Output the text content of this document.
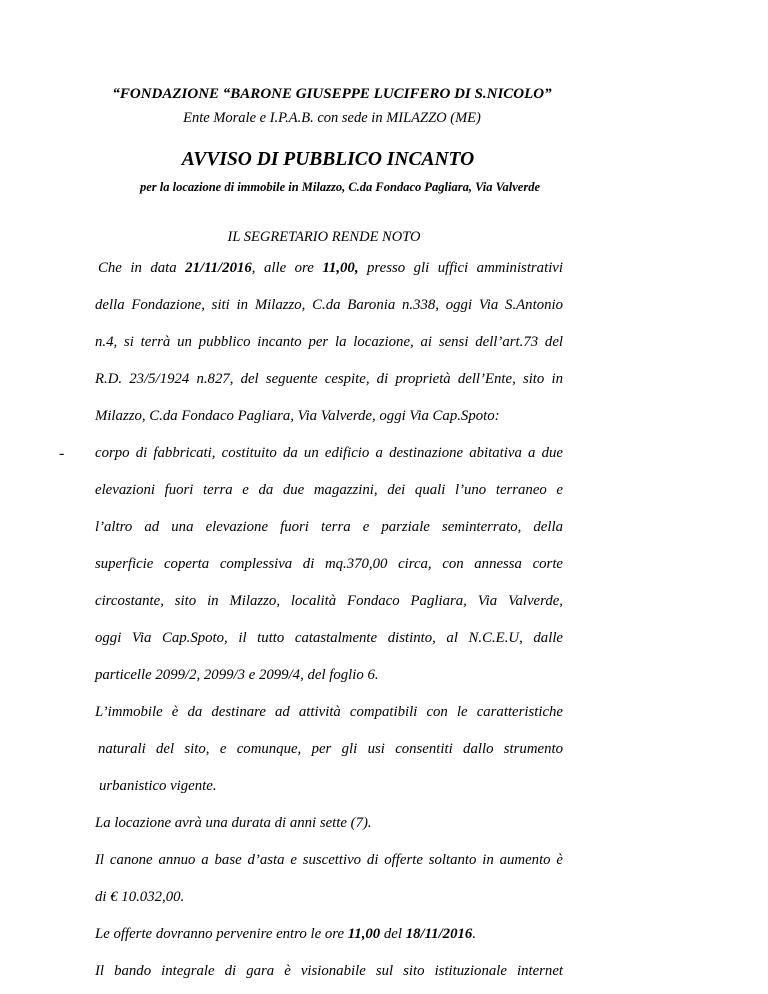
“FONDAZIONE “BARONE GIUSEPPE LUCIFERO DI S.NICOLO”
Ente Morale e I.P.A.B. con sede in MILAZZO (ME)
AVVISO DI PUBBLICO INCANTO
per la locazione di immobile in Milazzo, C.da Fondaco Pagliara, Via Valverde
IL SEGRETARIO RENDE NOTO
Che in data 21/11/2016, alle ore 11,00, presso gli uffici amministrativi
della Fondazione, siti in Milazzo, C.da Baronia n.338, oggi Via S.Antonio
n.4, si terrà un pubblico incanto per la locazione, ai sensi dell’art.73 del
R.D. 23/5/1924 n.827, del seguente cespite, di proprietà dell’Ente, sito in
Milazzo, C.da Fondaco Pagliara, Via Valverde, oggi Via Cap.Spoto:
- corpo di fabbricati, costituito da un edificio a destinazione abitativa a due
elevazioni fuori terra e da due magazzini, dei quali l’uno terraneo e
l’altro ad una elevazione fuori terra e parziale seminterrato, della
superficie coperta complessiva di mq.370,00 circa, con annessa corte
circostante, sito in Milazzo, località Fondaco Pagliara, Via Valverde,
oggi Via Cap.Spoto, il tutto catastalmente distinto, al N.C.E.U, dalle
particelle 2099/2, 2099/3 e 2099/4, del foglio 6.
L’immobile è da destinare ad attività compatibili con le caratteristiche
naturali del sito, e comunque, per gli usi consentiti dallo strumento
urbanistico vigente.
La locazione avrà una durata di anni sette (7).
Il canone annuo a base d’asta e suscettivo di offerte soltanto in aumento è
di € 10.032,00.
Le offerte dovranno pervenire entro le ore 11,00 del 18/11/2016.
Il bando integrale di gara è visionabile sul sito istituzionale internet
